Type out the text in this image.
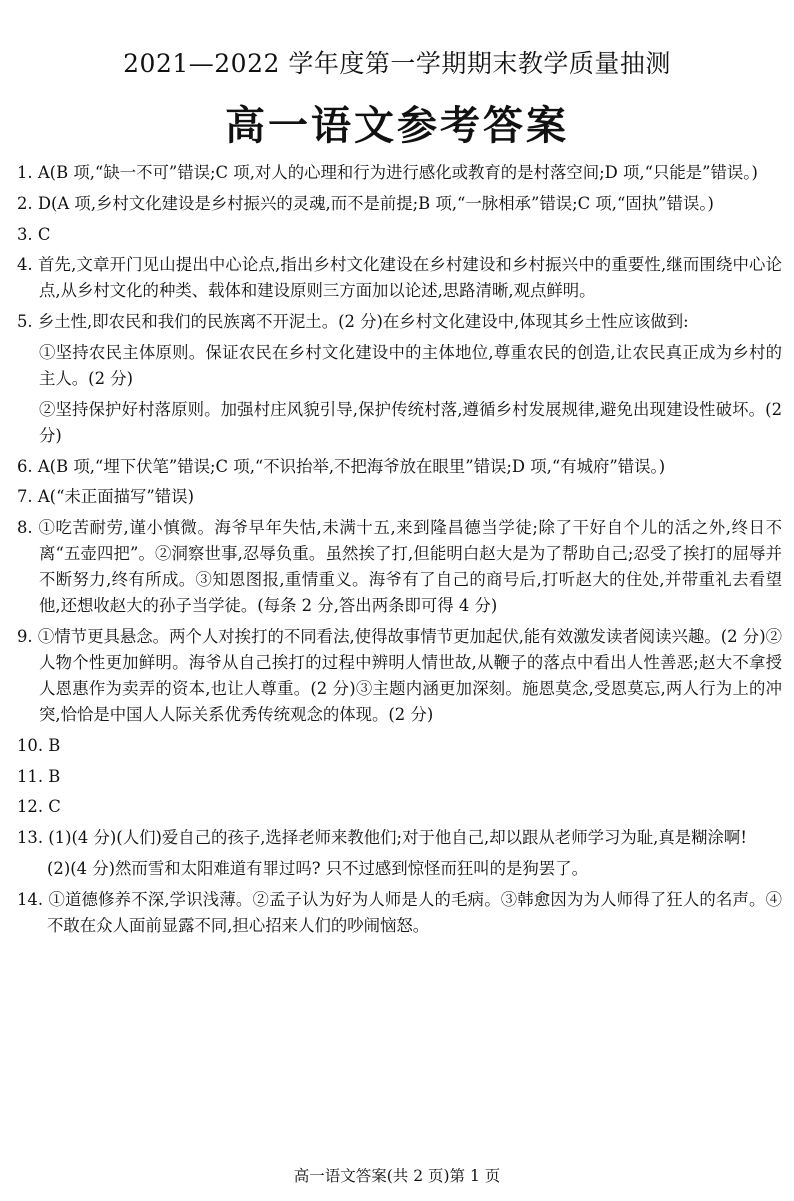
2021—2022 学年度第一学期期末教学质量抽测
高一语文参考答案

1. A(B 项,“缺一不可”错误;C 项,对人的心理和行为进行感化或教育的是村落空间;D 项,“只能是”错误。)

2. D(A 项,乡村文化建设是乡村振兴的灵魂,而不是前提;B 项,“一脉相承”错误;C 项,“固执”错误。)

3. C

4. 首先,文章开门见山提出中心论点,指出乡村文化建设在乡村建设和乡村振兴中的重要性,继而围绕中心论点,从乡村文化的种类、载体和建设原则三方面加以论述,思路清晰,观点鲜明。

5. 乡土性,即农民和我们的民族离不开泥土。(2 分)在乡村文化建设中,体现其乡土性应该做到:

①坚持农民主体原则。保证农民在乡村文化建设中的主体地位,尊重农民的创造,让农民真正成为乡村的主人。(2 分)

②坚持保护好村落原则。加强村庄风貌引导,保护传统村落,遵循乡村发展规律,避免出现建设性破坏。(2 分)

6. A(B 项,“埋下伏笔”错误;C 项,“不识抬举,不把海爷放在眼里”错误;D 项,“有城府”错误。)

7. A(“未正面描写”错误)

8. ①吃苦耐劳,谨小慎微。海爷早年失怙,未满十五,来到隆昌德当学徒;除了干好自个儿的活之外,终日不离“五壶四把”。②洞察世事,忍辱负重。虽然挨了打,但能明白赵大是为了帮助自己;忍受了挨打的屈辱并不断努力,终有所成。③知恩图报,重情重义。海爷有了自己的商号后,打听赵大的住处,并带重礼去看望他,还想收赵大的孙子当学徒。(每条 2 分,答出两条即可得 4 分)

9. ①情节更具悬念。两个人对挨打的不同看法,使得故事情节更加起伏,能有效激发读者阅读兴趣。(2 分)②人物个性更加鲜明。海爷从自己挨打的过程中辨明人情世故,从鞭子的落点中看出人性善恶;赵大不拿授人恩惠作为卖弄的资本,也让人尊重。(2 分)③主题内涵更加深刻。施恩莫念,受恩莫忘,两人行为上的冲突,恰恰是中国人人际关系优秀传统观念的体现。(2 分)

10. B

11. B

12. C

13. (1)(4 分)(人们)爱自己的孩子,选择老师来教他们;对于他自己,却以跟从老师学习为耻,真是糊涂啊!

(2)(4 分)然而雪和太阳难道有罪过吗? 只不过感到惊怪而狂叫的是狗罢了。

14. ①道德修养不深,学识浅薄。②孟子认为好为人师是人的毛病。③韩愈因为为人师得了狂人的名声。④不敢在众人面前显露不同,担心招来人们的吵闹恼怒。

高一语文答案(共 2 页)第 1 页
